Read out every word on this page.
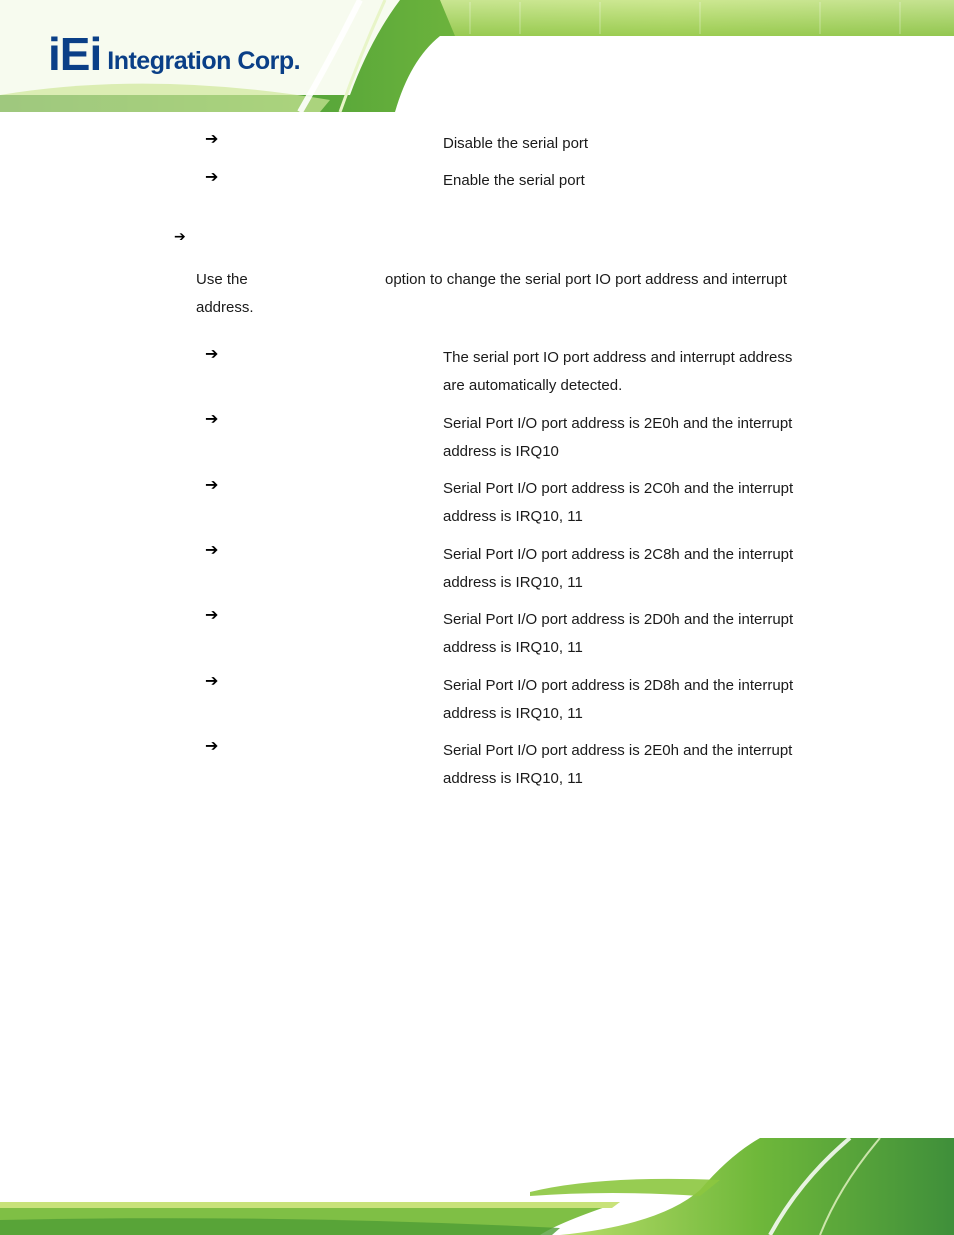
iEi Integration Corp.
➔	Disable the serial port
➔	Enable the serial port
➔
Use the	option to change the serial port IO port address and interrupt
address.
➔	The serial port IO port address and interrupt address
are automatically detected.
➔	Serial Port I/O port address is 2E0h and the interrupt
address is IRQ10
➔	Serial Port I/O port address is 2C0h and the interrupt
address is IRQ10, 11
➔	Serial Port I/O port address is 2C8h and the interrupt
address is IRQ10, 11
➔	Serial Port I/O port address is 2D0h and the interrupt
address is IRQ10, 11
➔	Serial Port I/O port address is 2D8h and the interrupt
address is IRQ10, 11
➔	Serial Port I/O port address is 2E0h and the interrupt
address is IRQ10, 11
